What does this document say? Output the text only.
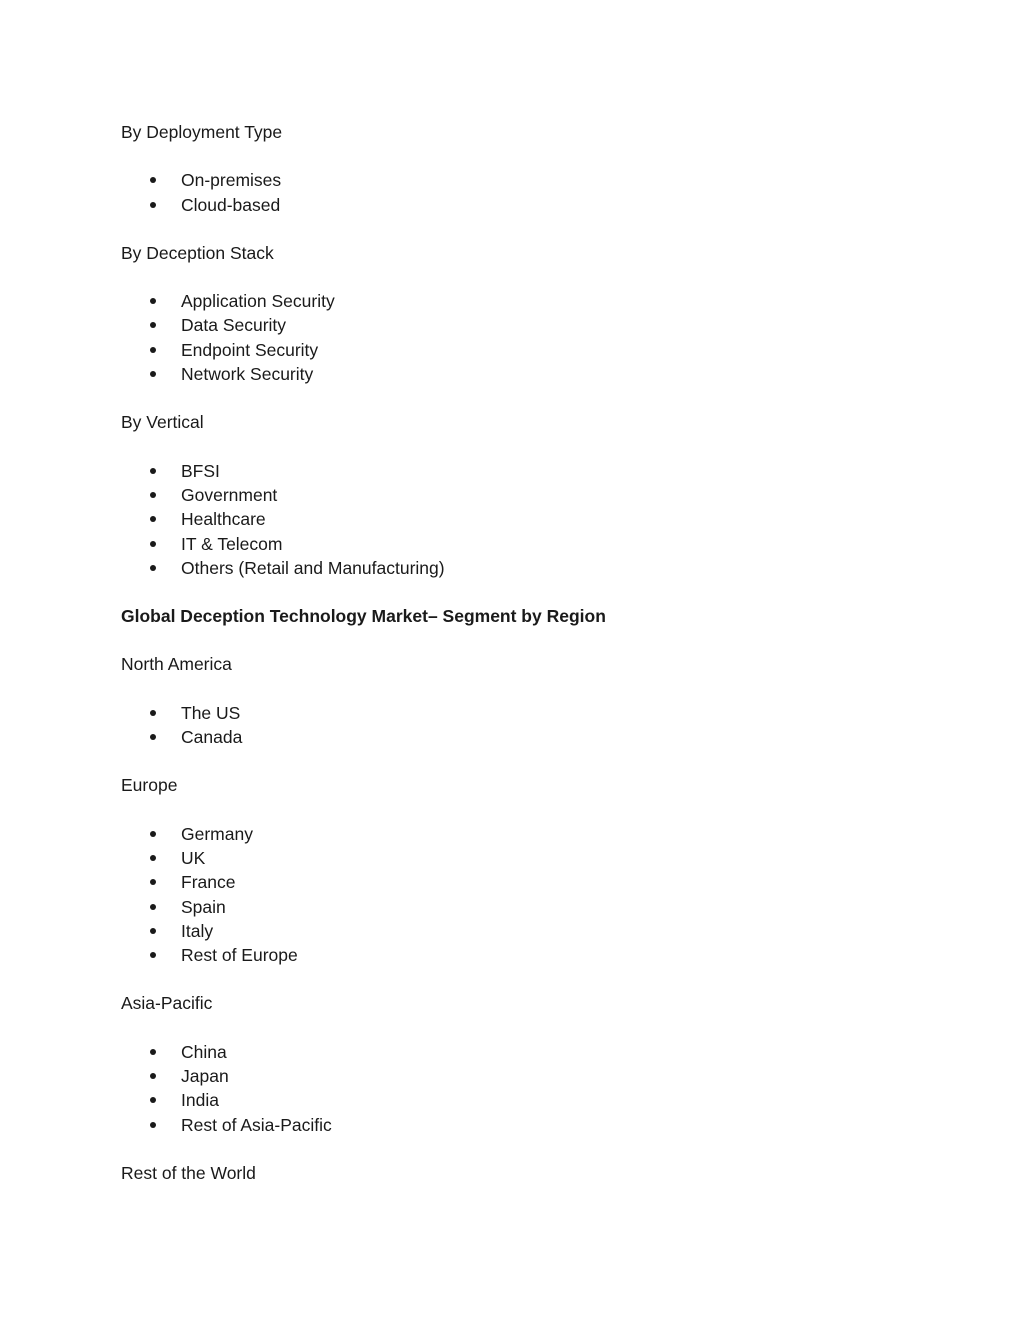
By Deployment Type

On-premises
Cloud-based

By Deception Stack

Application Security
Data Security
Endpoint Security
Network Security

By Vertical

BFSI
Government
Healthcare
IT & Telecom
Others (Retail and Manufacturing)

Global Deception Technology Market– Segment by Region

North America

The US
Canada

Europe

Germany
UK
France
Spain
Italy
Rest of Europe

Asia-Pacific

China
Japan
India
Rest of Asia-Pacific

Rest of the World
